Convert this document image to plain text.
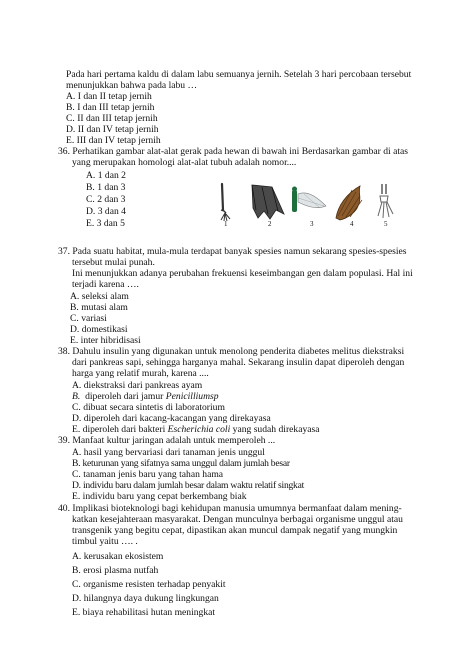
Pada hari pertama kaldu di dalam labu semuanya jernih. Setelah 3 hari percobaan tersebut
menunjukkan bahwa pada labu …
A. I dan II tetap jernih
B. I dan III tetap jernih
C. II dan III tetap jernih
D. II dan IV tetap jernih
E. III dan IV tetap jernih
36. Perhatikan gambar alat-alat gerak pada hewan di bawah ini Berdasarkan gambar di atas
yang merupakan homologi alat-alat tubuh adalah nomor....
A. 1 dan 2
B. 1 dan 3
C. 2 dan 3
D. 3 dan 4
E. 3 dan 5	1	2	3	4	5
37. Pada suatu habitat, mula-mula terdapat banyak spesies namun sekarang spesies-spesies
tersebut mulai punah.
Ini menunjukkan adanya perubahan frekuensi keseimbangan gen dalam populasi. Hal ini
terjadi karena ….
A. seleksi alam
B. mutasi alam
C. variasi
D. domestikasi
E. inter hibridisasi
38. Dahulu insulin yang digunakan untuk menolong penderita diabetes melitus diekstraksi
dari pankreas sapi, sehingga harganya mahal. Sekarang insulin dapat diperoleh dengan
harga yang relatif murah, karena ....
A. diekstraksi dari pankreas ayam
B. diperoleh dari jamur Penicilliumsp
C. dibuat secara sintetis di laboratorium
D. diperoleh dari kacang-kacangan yang direkayasa
E. diperoleh dari bakteri Escherichia coli yang sudah direkayasa
39. Manfaat kultur jaringan adalah untuk memperoleh ...
A. hasil yang bervariasi dari tanaman jenis unggul
B. keturunan yang sifatnya sama unggul dalam jumlah besar
C. tanaman jenis baru yang tahan hama
D. individu baru dalam jumlah besar dalam waktu relatif singkat
E. individu baru yang cepat berkembang biak
40. Implikasi bioteknologi bagi kehidupan manusia umumnya bermanfaat dalam mening-
katkan kesejahteraan masyarakat. Dengan munculnya berbagai organisme unggul atau
transgenik yang begitu cepat, dipastikan akan muncul dampak negatif yang mungkin
timbul yaitu …. .
A. kerusakan ekosistem
B. erosi plasma nutfah
C. organisme resisten terhadap penyakit
D. hilangnya daya dukung lingkungan
E. biaya rehabilitasi hutan meningkat
